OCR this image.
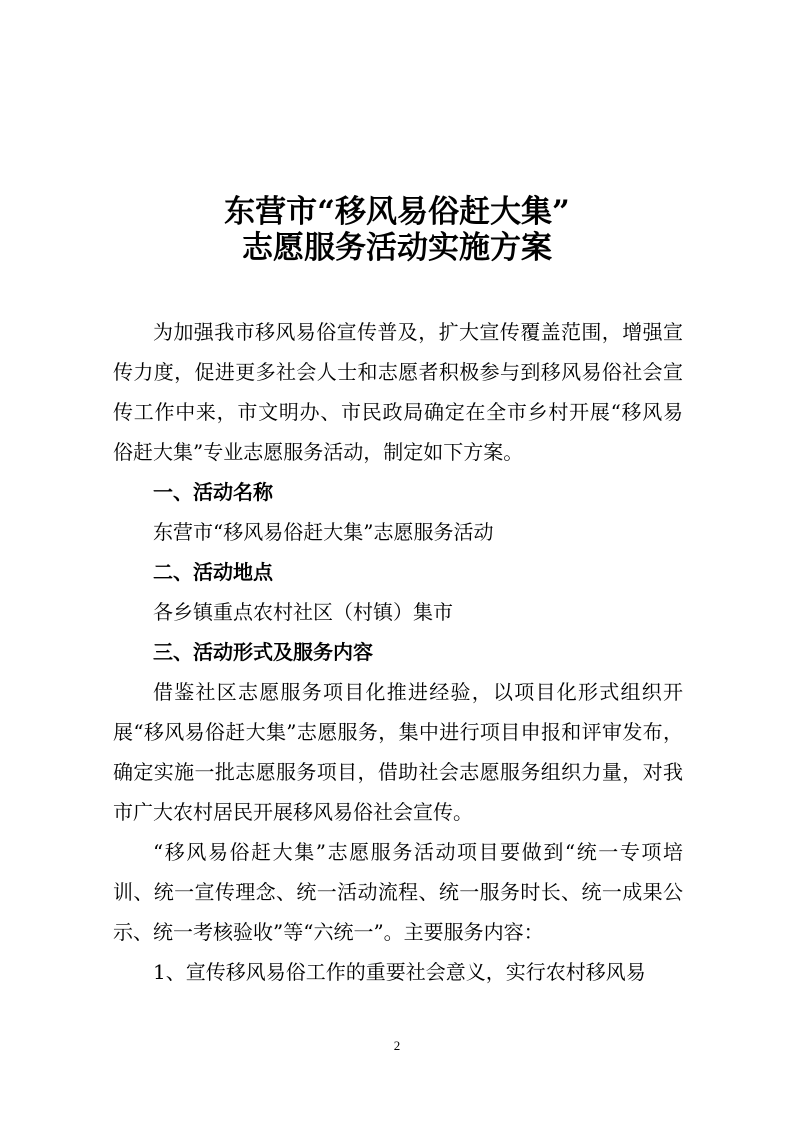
东营市“移风易俗赶大集”
志愿服务活动实施方案

为加强我市移风易俗宣传普及，扩大宣传覆盖范围，增强宣传力度，促进更多社会人士和志愿者积极参与到移风易俗社会宣传工作中来，市文明办、市民政局确定在全市乡村开展“移风易俗赶大集”专业志愿服务活动，制定如下方案。

一、活动名称

东营市“移风易俗赶大集”志愿服务活动

二、活动地点

各乡镇重点农村社区（村镇）集市

三、活动形式及服务内容

借鉴社区志愿服务项目化推进经验，以项目化形式组织开展“移风易俗赶大集”志愿服务，集中进行项目申报和评审发布，确定实施一批志愿服务项目，借助社会志愿服务组织力量，对我市广大农村居民开展移风易俗社会宣传。

“移风易俗赶大集”志愿服务活动项目要做到“统一专项培训、统一宣传理念、统一活动流程、统一服务时长、统一成果公示、统一考核验收”等“六统一”。主要服务内容：

1、宣传移风易俗工作的重要社会意义，实行农村移风易

2
